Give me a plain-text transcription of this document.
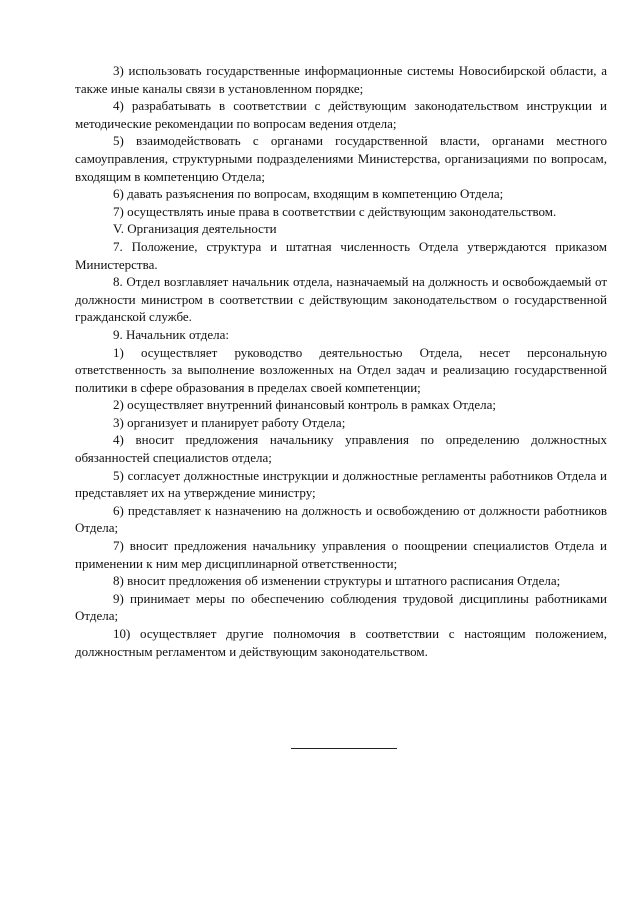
3) использовать государственные информационные системы Новосибирской области, а также иные каналы связи в установленном порядке;

4) разрабатывать в соответствии с действующим законодательством инструкции и методические рекомендации по вопросам ведения отдела;

5) взаимодействовать с органами государственной власти, органами местного самоуправления, структурными подразделениями Министерства, организациями по вопросам, входящим в компетенцию Отдела;

6) давать разъяснения по вопросам, входящим в компетенцию Отдела;

7) осуществлять иные права в соответствии с действующим законодательством.

V. Организация деятельности

7. Положение, структура и штатная численность Отдела утверждаются приказом Министерства.

8. Отдел возглавляет начальник отдела, назначаемый на должность и освобождаемый от должности министром в соответствии с действующим законодательством о государственной гражданской службе.

9. Начальник отдела:

1) осуществляет руководство деятельностью Отдела, несет персональную ответственность за выполнение возложенных на Отдел задач и реализацию государственной политики в сфере образования в пределах своей компетенции;

2) осуществляет внутренний финансовый контроль в рамках Отдела;

3) организует и планирует работу Отдела;

4) вносит предложения начальнику управления по определению должностных обязанностей специалистов отдела;

5) согласует должностные инструкции и должностные регламенты работников Отдела и представляет их на утверждение министру;

6) представляет к назначению на должность и освобождению от должности работников Отдела;

7) вносит предложения начальнику управления о поощрении специалистов Отдела и применении к ним мер дисциплинарной ответственности;

8) вносит предложения об изменении структуры и штатного расписания Отдела;

9) принимает меры по обеспечению соблюдения трудовой дисциплины работниками Отдела;

10) осуществляет другие полномочия в соответствии с настоящим положением, должностным регламентом и действующим законодательством.
